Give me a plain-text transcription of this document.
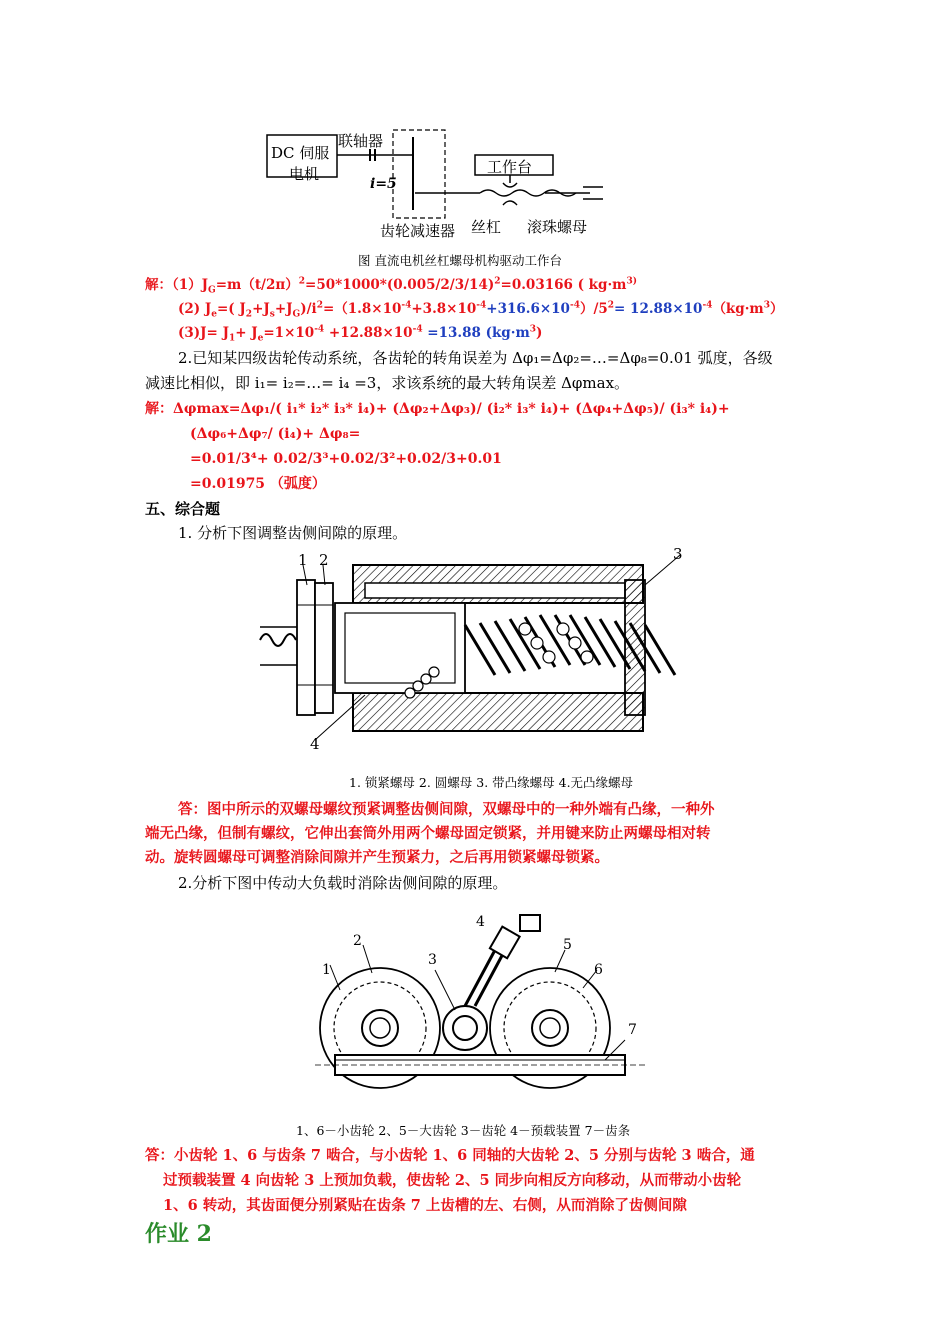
DC 伺服
电机
联轴器
工作台
i=5
丝杠
齿轮减速器	滚珠螺母
图 直流电机丝杠螺母机构驱动工作台
解：$(1)J_G=m(t/2\pi)^2=50*1000*(0.005/2/3/14)^2=0.03166$ ( $kg\cdot m^{3)}$
(2) $J_e=$( $J_2+J_s+J_G)/i^2=(1.8\times 10^{-4}+3.8\times 10^{-4}+316.6\times 10^{-4})/5^2= 12.88\times 10^{-4}(kg\cdot m^3)$
$(3)J= J_1+ J_e=1\times 10^{-4} +12.88\times 10^{-4} =13.88$ $(kg\cdot m^3)$
2.已知某四级齿轮传动系统，各齿轮的转角误差为 Δφ₁=Δφ₂=…=Δφ₈=0.01 弧度，各级
减速比相似，即 i₁= i₂=…= i₄ =3，求该系统的最大转角误差 Δφmax。
解：Δφmax=Δφ₁/( i₁* i₂* i₃* i₄)+ (Δφ₂+Δφ₃)/ (i₂* i₃* i₄)+ (Δφ₄+Δφ₅)/ (i₃* i₄)+
(Δφ₆+Δφ₇/ (i₄)+ Δφ₈=
=0.01/3⁴+ 0.02/3³+0.02/3²+0.02/3+0.01
=0.01975 （弧度）
五、综合题
1. 分析下图调整齿侧间隙的原理。
1 2	3
4
1. 锁紧螺母 2. 圆螺母 3. 带凸缘螺母 4.无凸缘螺母
答：图中所示的双螺母螺纹预紧调整齿侧间隙，双螺母中的一种外端有凸缘，一种外
端无凸缘，但制有螺纹，它伸出套筒外用两个螺母固定锁紧，并用键来防止两螺母相对转
动。旋转圆螺母可调整消除间隙并产生预紧力，之后再用锁紧螺母锁紧。
2.分析下图中传动大负载时消除齿侧间隙的原理。
2
1
3
4
5
6
7
1、6－小齿轮 2、5－大齿轮 3－齿轮 4－预载装置 7－齿条
答：小齿轮 1、6 与齿条 7 啮合，与小齿轮 1、6 同轴的大齿轮 2、5 分别与齿轮 3 啮合，通
过预载装置 4 向齿轮 3 上预加负载，使齿轮 2、5 同步向相反方向移动，从而带动小齿轮
1、6 转动，其齿面便分别紧贴在齿条 7 上齿槽的左、右侧，从而消除了齿侧间隙
作业 2
